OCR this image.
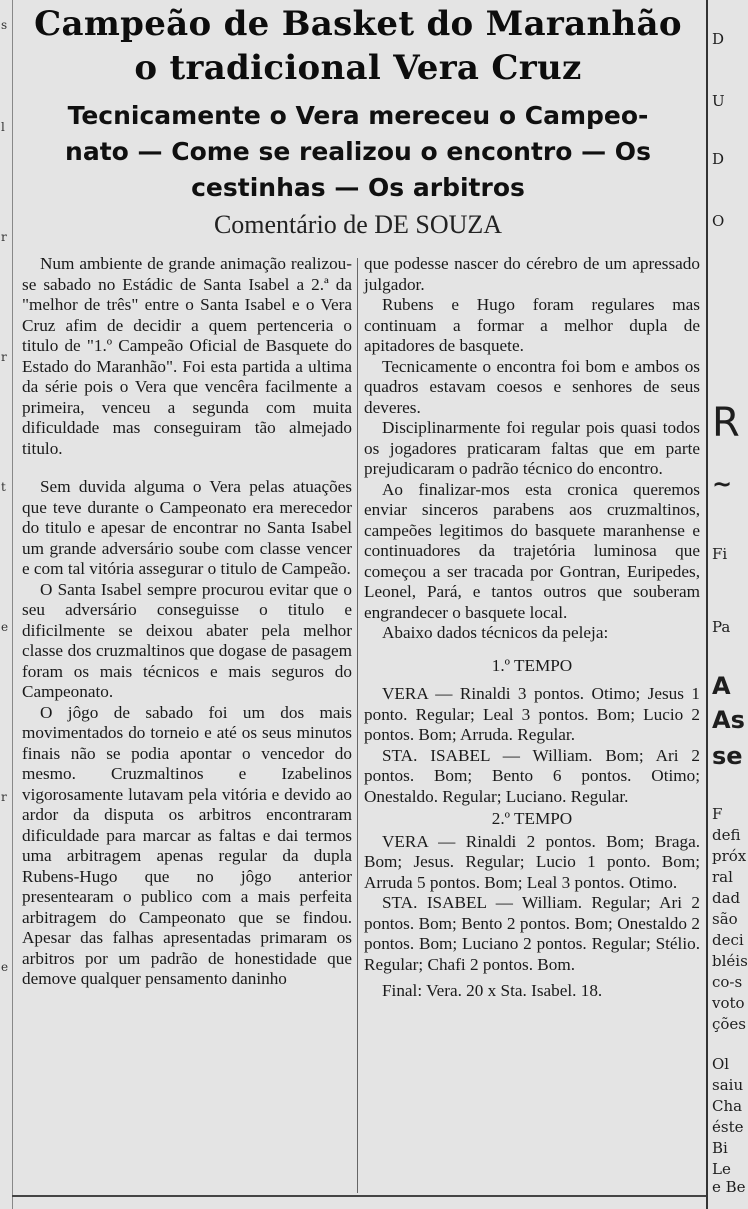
s
l
r
r
t
e
r
e
Campeão de Basket do Maranhão
o tradicional Vera Cruz
Tecnicamente o Vera mereceu o Campeo-
nato — Come se realizou o encontro — Os
cestinhas — Os arbitros
Comentário de DE SOUZA

Num ambiente de grande animação realizou-se sabado no Estádic de Santa Isabel a 2.ª da "melhor de três" entre o Santa Isabel e o Vera Cruz afim de decidir a quem pertenceria o titulo de "1.º Campeão Oficial de Basquete do Estado do Maranhão". Foi esta partida a ultima da série pois o Vera que vencêra facilmente a primeira, venceu a segunda com muita dificuldade mas conseguiram tão almejado titulo.

Sem duvida alguma o Vera pelas atuações que teve durante o Campeonato era merecedor do titulo e apesar de encontrar no Santa Isabel um grande adversário soube com classe vencer e com tal vitória assegurar o titulo de Campeão.

O Santa Isabel sempre procurou evitar que o seu adversário conseguisse o titulo e dificilmente se deixou abater pela melhor classe dos cruzmaltinos que dogase de pasagem foram os mais técnicos e mais seguros do Campeonato.

O jôgo de sabado foi um dos mais movimentados do torneio e até os seus minutos finais não se podia apontar o vencedor do mesmo. Cruzmaltinos e Izabelinos vigorosamente lutavam pela vitória e devido ao ardor da disputa os arbitros encontraram dificuldade para marcar as faltas e dai termos uma arbitragem apenas regular da dupla Rubens-Hugo que no jôgo anterior presentearam o publico com a mais perfeita arbitragem do Campeonato que se findou. Apesar das falhas apresentadas primaram os arbitros por um padrão de honestidade que demove qualquer pensamento daninho

que podesse nascer do cérebro de um apressado julgador.

Rubens e Hugo foram regulares mas continuam a formar a melhor dupla de apitadores de basquete.

Tecnicamente o encontra foi bom e ambos os quadros estavam coesos e senhores de seus deveres.

Disciplinarmente foi regular pois quasi todos os jogadores praticaram faltas que em parte prejudicaram o padrão técnico do encontro.

Ao finalizar-mos esta cronica queremos enviar sinceros parabens aos cruzmaltinos, campeões legitimos do basquete maranhense e continuadores da trajetória luminosa que começou a ser tracada por Gontran, Euripedes, Leonel, Pará, e tantos outros que souberam engrandecer o basquete local.

Abaixo dados técnicos da peleja:

1.º TEMPO

VERA — Rinaldi 3 pontos. Otimo; Jesus 1 ponto. Regular; Leal 3 pontos. Bom; Lucio 2 pontos. Bom; Arruda. Regular.

STA. ISABEL — William. Bom; Ari 2 pontos. Bom; Bento 6 pontos. Otimo; Onestaldo. Regular; Luciano. Regular.

2.º TEMPO

VERA — Rinaldi 2 pontos. Bom; Braga. Bom; Jesus. Regular; Lucio 1 ponto. Bom; Arruda 5 pontos. Bom; Leal 3 pontos. Otimo.

STA. ISABEL — William. Regular; Ari 2 pontos. Bom; Bento 2 pontos. Bom; Onestaldo 2 pontos. Bom; Luciano 2 pontos. Regular; Stélio. Regular; Chafi 2 pontos. Bom.

Final: Vera. 20 x Sta. Isabel. 18.

D
U
D
O
R
~
Fi
Pa
A
As
se
F
defi
próx
ral
dad
são
deci
bléis
co-s
voto
ções
Ol
saiu
Cha
éste
Bi
Le
e Be
